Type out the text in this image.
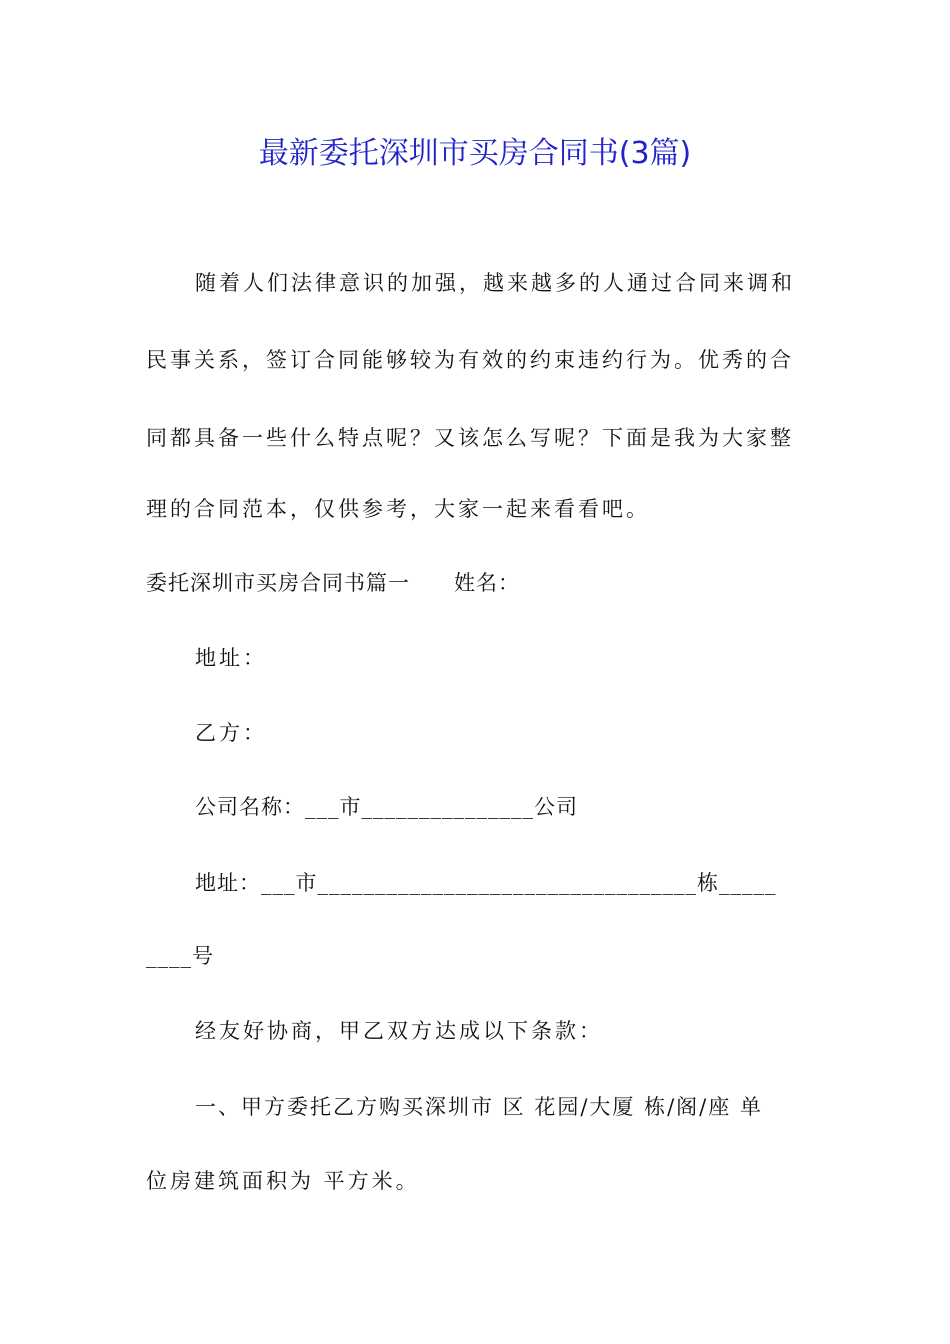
最新委托深圳市买房合同书(3篇)
随着人们法律意识的加强，越来越多的人通过合同来调和
民事关系，签订合同能够较为有效的约束违约行为。优秀的合
同都具备一些什么特点呢？又该怎么写呢？下面是我为大家整
理的合同范本，仅供参考，大家一起来看看吧。
委托深圳市买房合同书篇一　　姓名：
地址：
乙方：
公司名称：___市_______________公司
地址：___市_________________________________栋_____
____号
经友好协商，甲乙双方达成以下条款：
一、甲方委托乙方购买深圳市 区 花园/大厦 栋/阁/座 单
位房建筑面积为 平方米。
